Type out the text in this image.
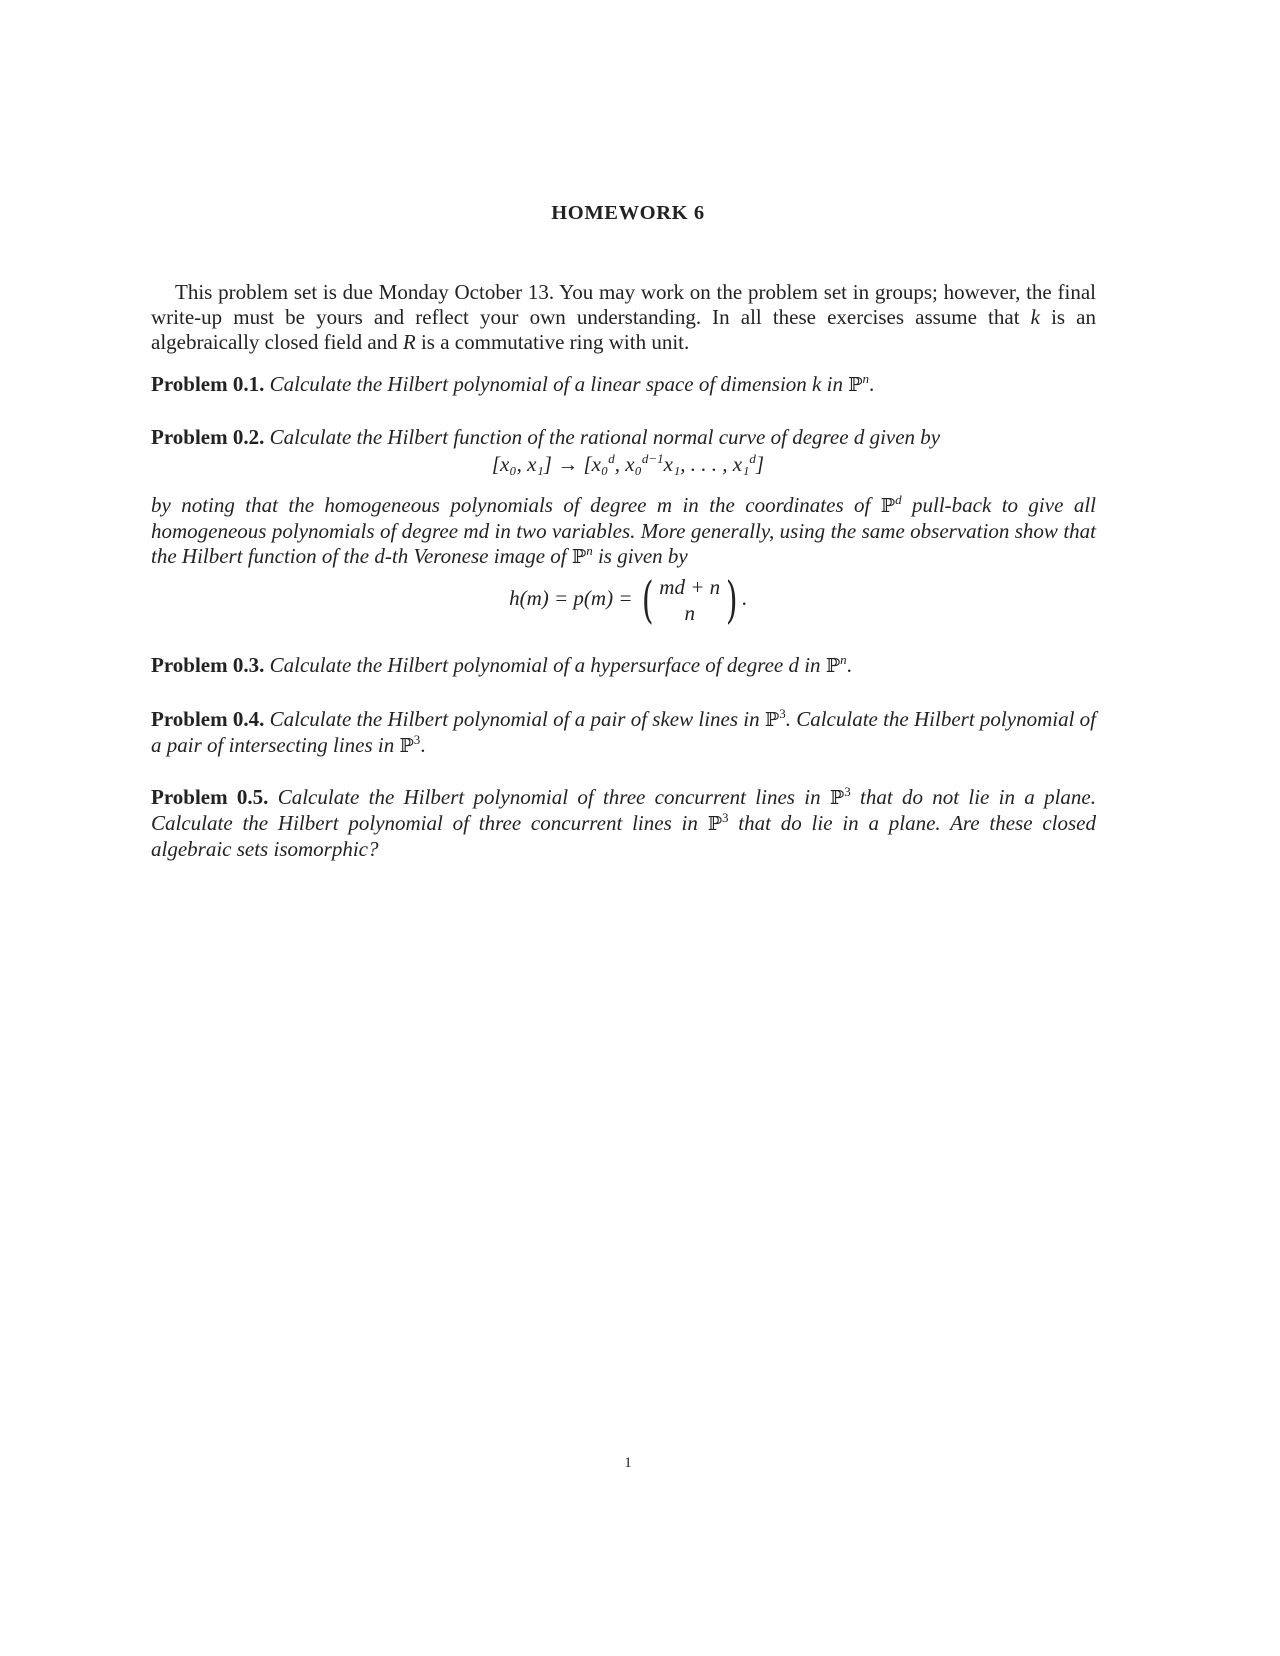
HOMEWORK 6
This problem set is due Monday October 13. You may work on the problem set in groups; however, the final write-up must be yours and reflect your own understanding. In all these exercises assume that k is an algebraically closed field and R is a commutative ring with unit.
Problem 0.1. Calculate the Hilbert polynomial of a linear space of dimension k in ℙ$^n$.
Problem 0.2. Calculate the Hilbert function of the rational normal curve of degree d given by
[x₀, x₁] → [x₀$^d$, x₀$^{d-1}$x₁, . . . , x₁$^d$]
by noting that the homogeneous polynomials of degree m in the coordinates of ℙ$^d$ pull-back to give all homogeneous polynomials of degree md in two variables. More generally, using the same observation show that the Hilbert function of the d-th Veronese image of ℙ$^n$ is given by
h(m) = p(m) = ( md + n
n ) .
Problem 0.3. Calculate the Hilbert polynomial of a hypersurface of degree d in ℙ$^n$.
Problem 0.4. Calculate the Hilbert polynomial of a pair of skew lines in ℙ$^3$. Calculate the Hilbert polynomial of a pair of intersecting lines in ℙ$^3$.
Problem 0.5. Calculate the Hilbert polynomial of three concurrent lines in ℙ$^3$ that do not lie in a plane. Calculate the Hilbert polynomial of three concurrent lines in ℙ$^3$ that do lie in a plane. Are these closed algebraic sets isomorphic?
1
